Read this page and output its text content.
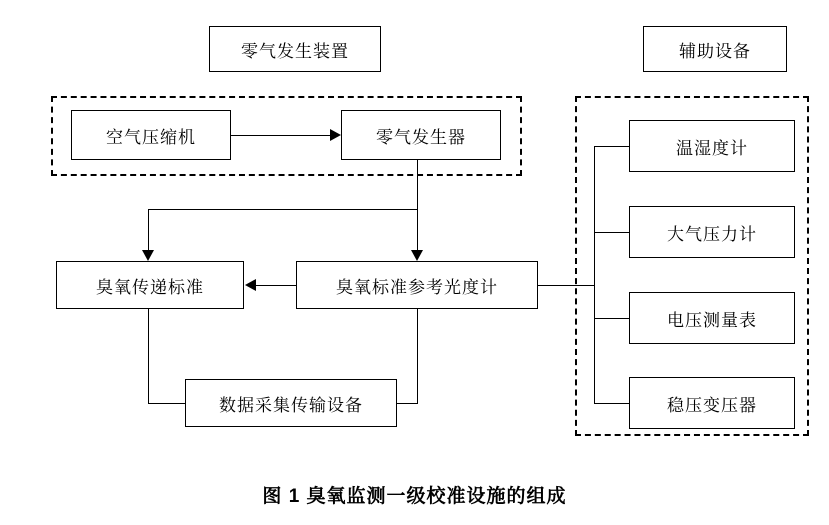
零气发生装置	辅助设备
空气压缩机	零气发生器
温湿度计
大气压力计
电压测量表
稳压变压器
臭氧传递标准	臭氧标准参考光度计
数据采集传输设备
图 1 臭氧监测一级校准设施的组成
